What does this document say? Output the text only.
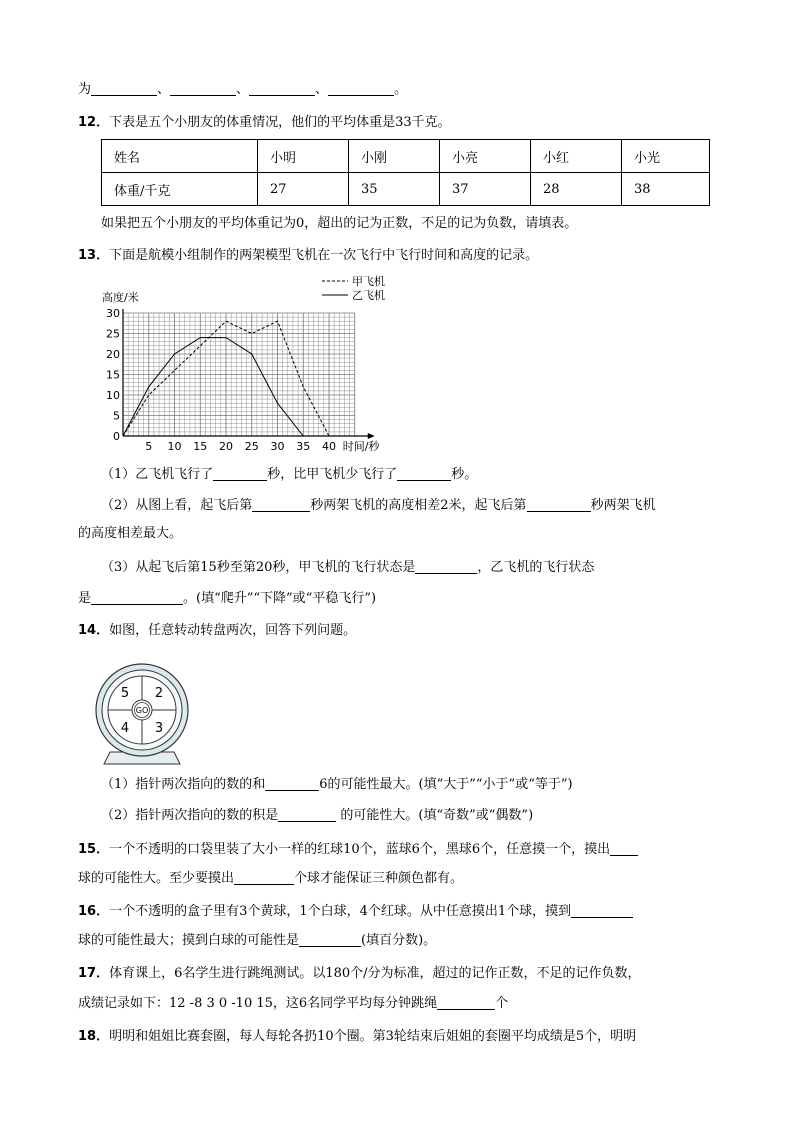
为	、	、	、	。
12．下表是五个小朋友的体重情况，他们的平均体重是33千克。
姓名	小明	小刚	小亮	小红	小光
体重/千克	27	35	37	28	38
如果把五个小朋友的平均体重记为0，超出的记为正数，不足的记为负数，请填表。
13．下面是航模小组制作的两架模型飞机在一次飞行中飞行时间和高度的记录。
5 10 15 20 25 30 35 40
5
10
15
20
25
30
0
高度/米
时间/秒
甲飞机
乙飞机
（1）乙飞机飞行了	秒，比甲飞机少飞行了	秒。
（2）从图上看，起飞后第	秒两架飞机的高度相差2米，起飞后第	秒两架飞机
的高度相差最大。
（3）从起飞后第15秒至第20秒，甲飞机的飞行状态是	，乙飞机的飞行状态
是	。(填“爬升”“下降”或“平稳飞行”)
14．如图，任意转动转盘两次，回答下列问题。
GO
5 2
4 3
（1）指针两次指向的数的和	6的可能性最大。(填“大于”“小于”或“等于”)
（2）指针两次指向的数的积是	的可能性大。(填“奇数”或“偶数”)
15．一个不透明的口袋里装了大小一样的红球10个，蓝球6个，黑球6个，任意摸一个，摸出
球的可能性大。至少要摸出	个球才能保证三种颜色都有。
16．一个不透明的盒子里有3个黄球，1个白球，4个红球。从中任意摸出1个球，摸到
球的可能性最大；摸到白球的可能性是	(填百分数)。
17．体育课上，6名学生进行跳绳测试。以180个/分为标准，超过的记作正数，不足的记作负数，
成绩记录如下：12 -8 3 0 -10 15，这6名同学平均每分钟跳绳	个
18．明明和姐姐比赛套圈，每人每轮各扔10个圈。第3轮结束后姐姐的套圈平均成绩是5个，明明
